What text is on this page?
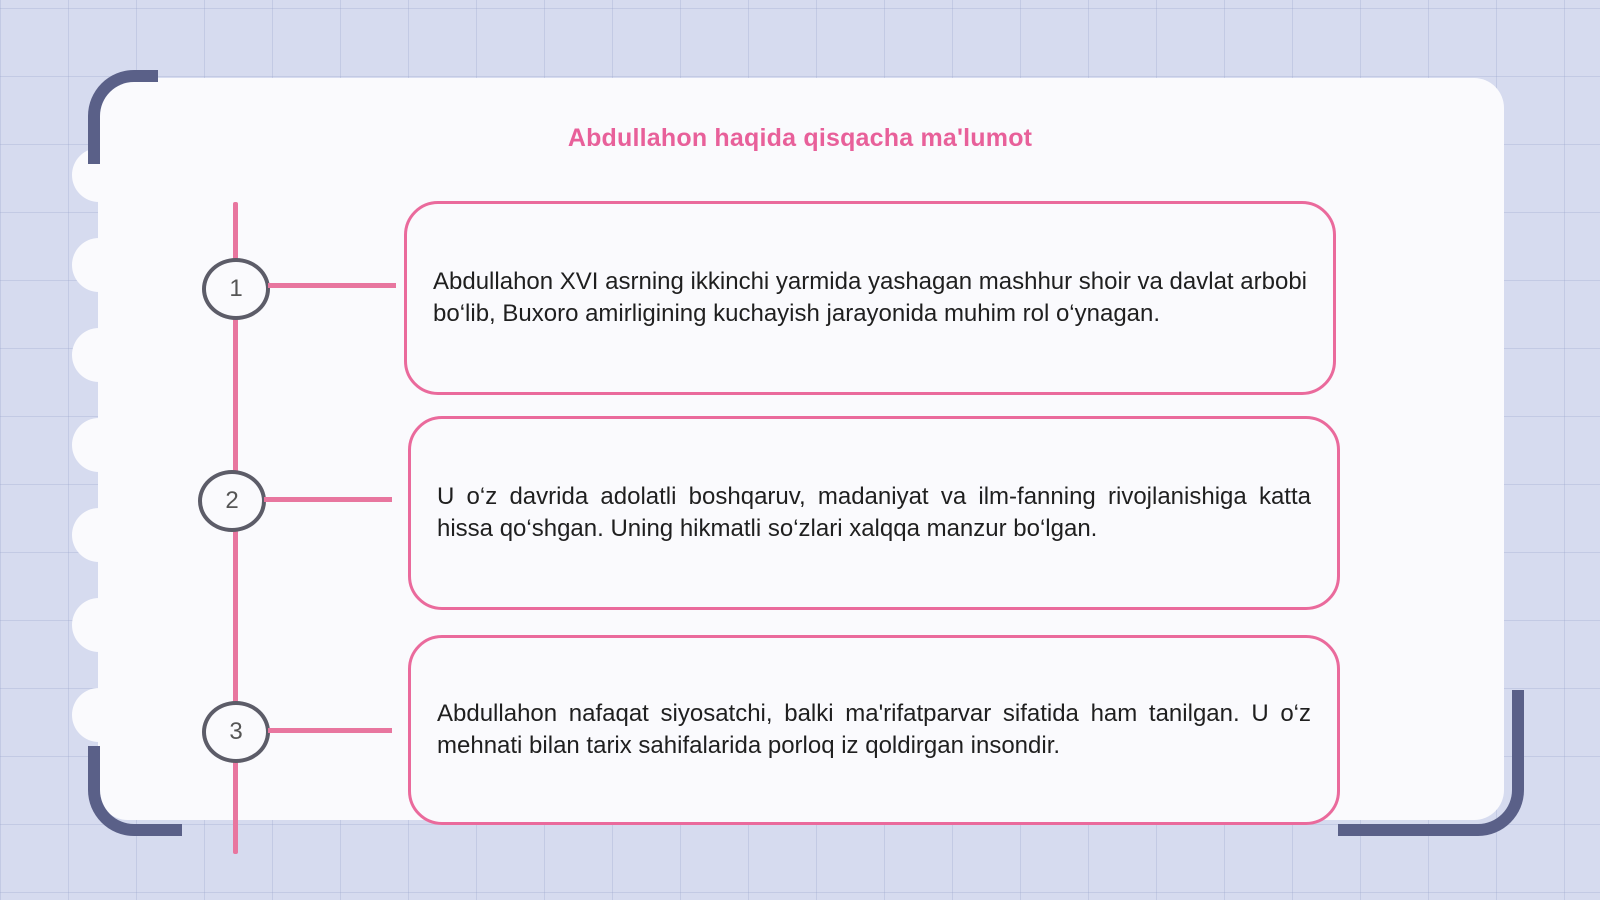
Abdullahon haqida qisqacha ma'lumot
1	Abdullahon XVI asrning ikkinchi yarmida yashagan mashhur shoir va davlat arbobi bo‘lib, Buxoro amirligining kuchayish jarayonida muhim rol o‘ynagan.
2	U o‘z davrida adolatli boshqaruv, madaniyat va ilm-fanning rivojlanishiga katta hissa qo‘shgan. Uning hikmatli so‘zlari xalqqa manzur bo‘lgan.
3
Abdullahon nafaqat siyosatchi, balki ma'rifatparvar sifatida ham tanilgan. U o‘z mehnati bilan tarix sahifalarida porloq iz qoldirgan insondir.
